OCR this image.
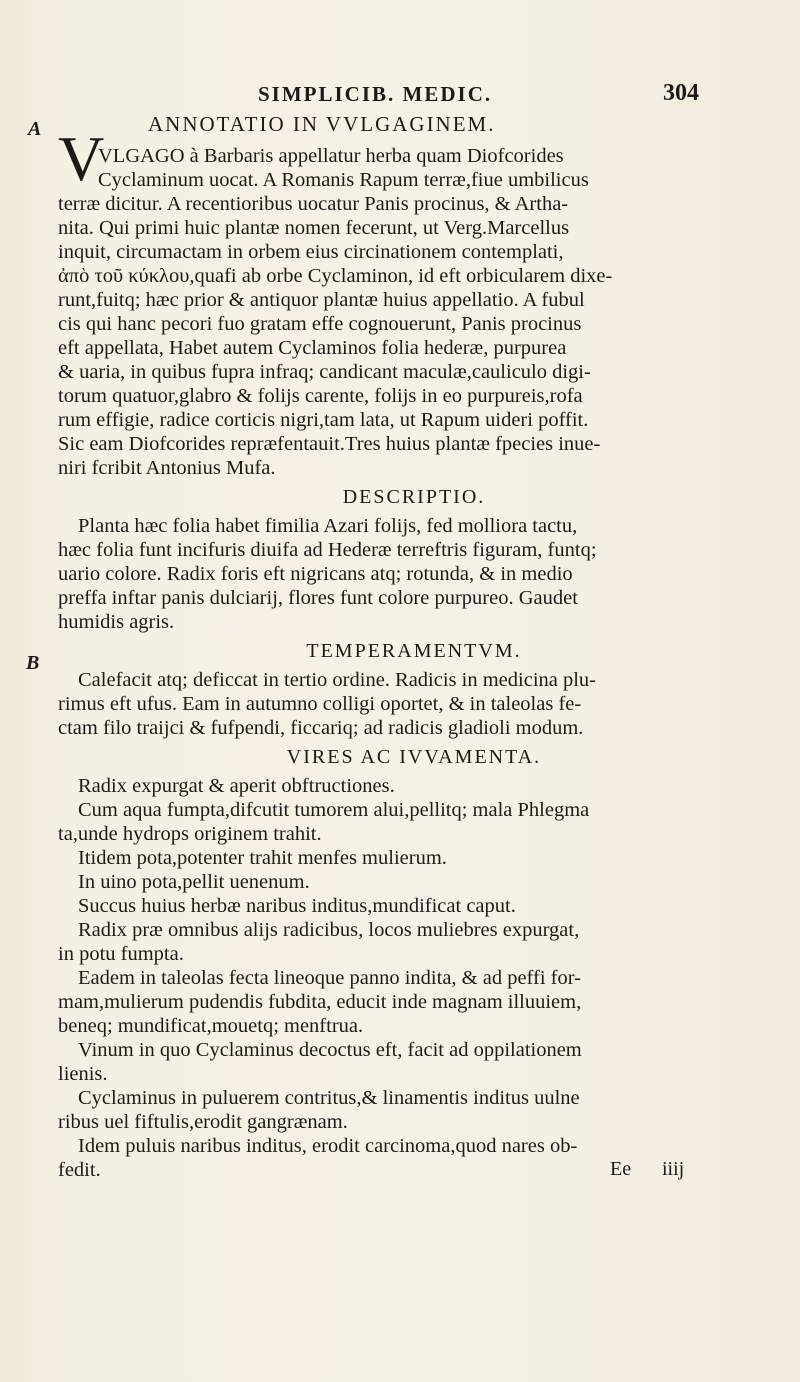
SIMPLICIB. MEDIC.	304
A
B
ANNOTATIO IN VVLGAGINEM.
V
VLGAGO à Barbaris appellatur herba quam Diofcorides
Cyclaminum uocat. A Romanis Rapum terræ,fiue umbilicus
terræ dicitur. A recentioribus uocatur Panis procinus, & Artha-
nita. Qui primi huic plantæ nomen fecerunt, ut Verg.Marcellus
inquit, circumactam in orbem eius circinationem contemplati,
ἀπὸ τοῦ κύκλου,quafi ab orbe Cyclaminon, id eft orbicularem dixe-
runt,fuitq; hæc prior & antiquor plantæ huius appellatio. A fubul
cis qui hanc pecori fuo gratam effe cognouerunt, Panis procinus
eft appellata, Habet autem Cyclaminos folia hederæ, purpurea
& uaria, in quibus fupra infraq; candicant maculæ,cauliculo digi-
torum quatuor,glabro & folijs carente, folijs in eo purpureis,rofa
rum effigie, radice corticis nigri,tam lata, ut Rapum uideri poffit.
Sic eam Diofcorides repræfentauit.Tres huius plantæ fpecies inue-
niri fcribit Antonius Mufa.
DESCRIPTIO.
Planta hæc folia habet fimilia Azari folijs, fed molliora tactu,
hæc folia funt incifuris diuifa ad Hederæ terreftris figuram, funtq;
uario colore. Radix foris eft nigricans atq; rotunda, & in medio
preffa inftar panis dulciarij, flores funt colore purpureo. Gaudet
humidis agris.
TEMPERAMENTVM.
Calefacit atq; deficcat in tertio ordine. Radicis in medicina plu-
rimus eft ufus. Eam in autumno colligi oportet, & in taleolas fe-
ctam filo traijci & fufpendi, ficcariq; ad radicis gladioli modum.
VIRES AC IVVAMENTA.
Radix expurgat & aperit obftructiones.
Cum aqua fumpta,difcutit tumorem alui,pellitq; mala Phlegma
ta,unde hydrops originem trahit.
Itidem pota,potenter trahit menfes mulierum.
In uino pota,pellit uenenum.
Succus huius herbæ naribus inditus,mundificat caput.
Radix præ omnibus alijs radicibus, locos muliebres expurgat,
in potu fumpta.
Eadem in taleolas fecta lineoque panno indita, & ad peffi for-
mam,mulierum pudendis fubdita, educit inde magnam illuuiem,
beneq; mundificat,mouetq; menftrua.
Vinum in quo Cyclaminus decoctus eft, facit ad oppilationem
lienis.
Cyclaminus in puluerem contritus,& linamentis inditus uulne
ribus uel fiftulis,erodit gangrænam.
Idem puluis naribus inditus, erodit carcinoma,quod nares ob-
fedit.	Ee iiij
